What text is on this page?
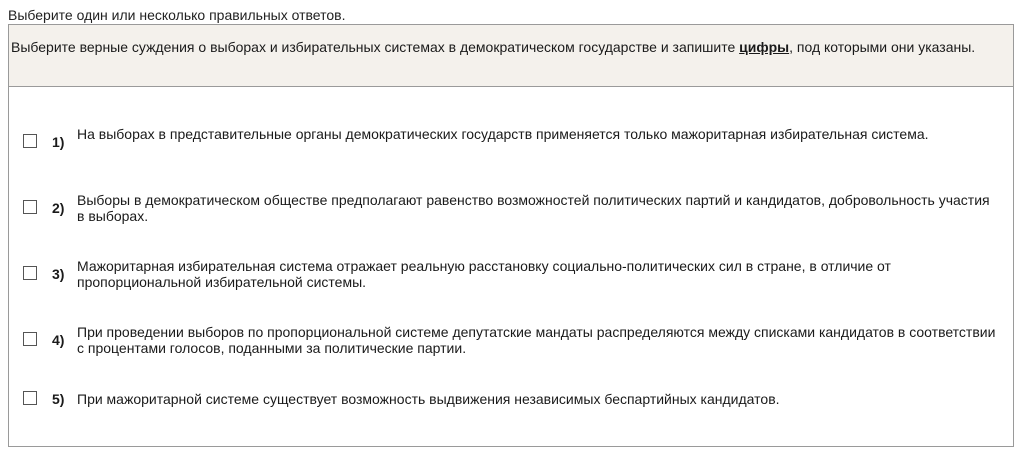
Выберите один или несколько правильных ответов.
Выберите верные суждения о выборах и избирательных системах в демократическом государстве и запишите цифры, под которыми они указаны.
1) На выборах в представительные органы демократических государств применяется только мажоритарная избирательная система.
2) Выборы в демократическом обществе предполагают равенство возможностей политических партий и кандидатов, добровольность участия в выборах.
3) Мажоритарная избирательная система отражает реальную расстановку социально-политических сил в стране, в отличие от пропорциональной избирательной системы.
4) При проведении выборов по пропорциональной системе депутатские мандаты распределяются между списками кандидатов в соответствии с процентами голосов, поданными за политические партии.
5) При мажоритарной системе существует возможность выдвижения независимых беспартийных кандидатов.
